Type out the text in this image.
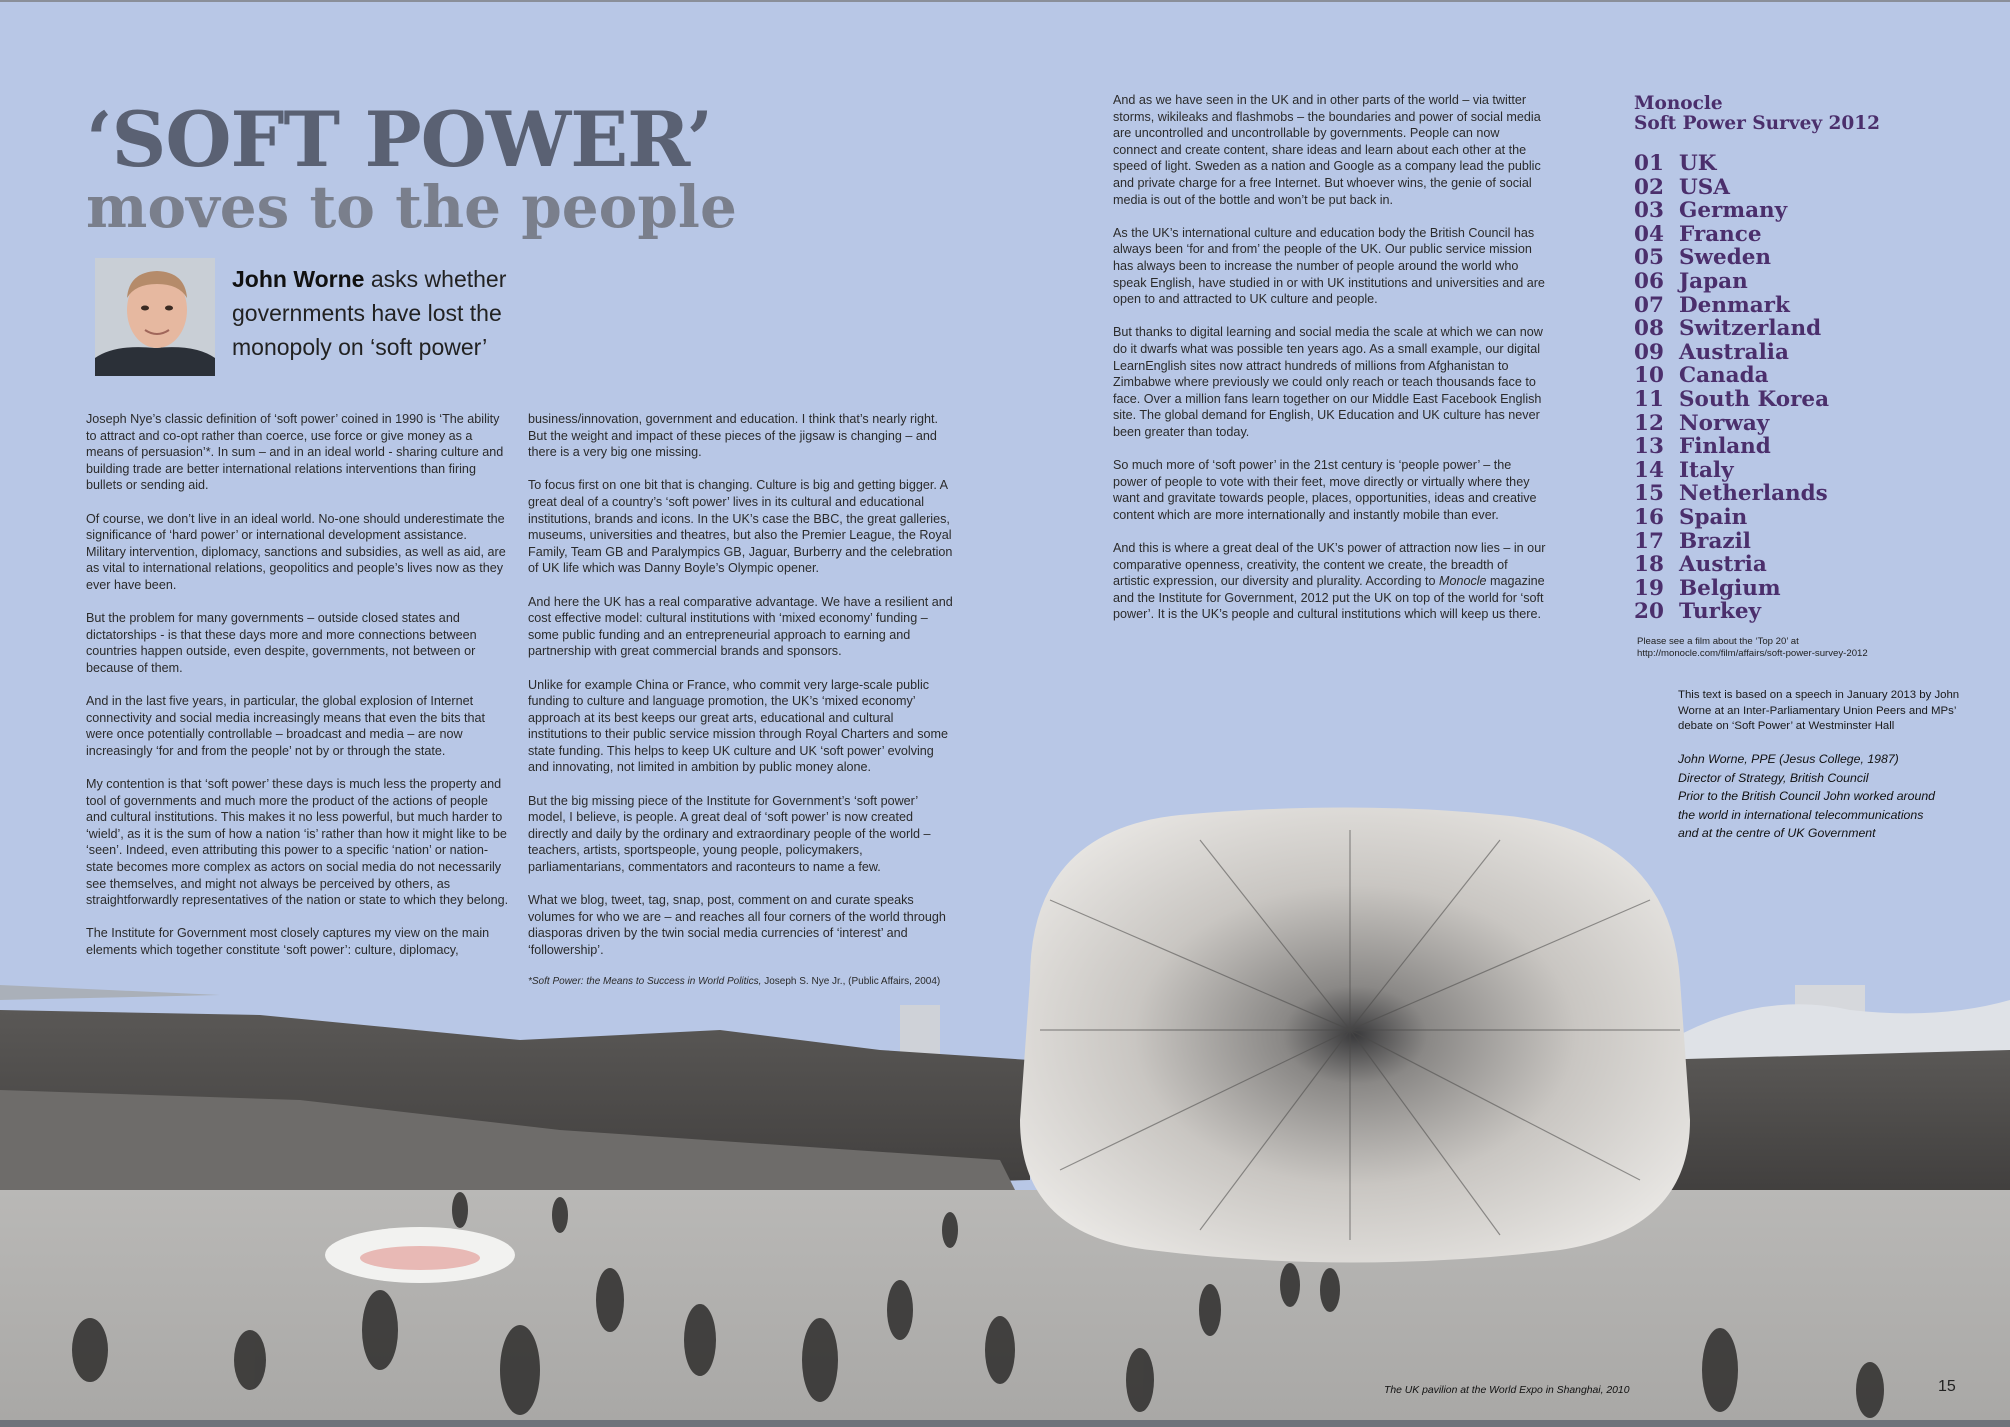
‘SOFT POWER’
moves to the people
John Worne asks whether governments have lost the monopoly on ‘soft power’

Joseph Nye’s classic definition of ‘soft power’ coined in 1990 is ‘The ability to attract and co-opt rather than coerce, use force or give money as a means of persuasion’*. In sum – and in an ideal world - sharing culture and building trade are better international relations interventions than firing bullets or sending aid.

Of course, we don’t live in an ideal world. No-one should underestimate the significance of ‘hard power’ or international development assistance. Military intervention, diplomacy, sanctions and subsidies, as well as aid, are as vital to international relations, geopolitics and people’s lives now as they ever have been.

But the problem for many governments – outside closed states and dictatorships - is that these days more and more connections between countries happen outside, even despite, governments, not between or because of them.

And in the last five years, in particular, the global explosion of Internet connectivity and social media increasingly means that even the bits that were once potentially controllable – broadcast and media – are now increasingly ‘for and from the people’ not by or through the state.

My contention is that ‘soft power’ these days is much less the property and tool of governments and much more the product of the actions of people and cultural institutions. This makes it no less powerful, but much harder to ‘wield’, as it is the sum of how a nation ‘is’ rather than how it might like to be ‘seen’. Indeed, even attributing this power to a specific ‘nation’ or nation-state becomes more complex as actors on social media do not necessarily see themselves, and might not always be perceived by others, as straightforwardly representatives of the nation or state to which they belong.

The Institute for Government most closely captures my view on the main elements which together constitute ‘soft power’: culture, diplomacy,

business/innovation, government and education. I think that’s nearly right. But the weight and impact of these pieces of the jigsaw is changing – and there is a very big one missing.

To focus first on one bit that is changing. Culture is big and getting bigger. A great deal of a country’s ‘soft power’ lives in its cultural and educational institutions, brands and icons. In the UK’s case the BBC, the great galleries, museums, universities and theatres, but also the Premier League, the Royal Family, Team GB and Paralympics GB, Jaguar, Burberry and the celebration of UK life which was Danny Boyle’s Olympic opener.

And here the UK has a real comparative advantage. We have a resilient and cost effective model: cultural institutions with ‘mixed economy’ funding – some public funding and an entrepreneurial approach to earning and partnership with great commercial brands and sponsors.

Unlike for example China or France, who commit very large-scale public funding to culture and language promotion, the UK’s ‘mixed economy’ approach at its best keeps our great arts, educational and cultural institutions to their public service mission through Royal Charters and some state funding. This helps to keep UK culture and UK ‘soft power’ evolving and innovating, not limited in ambition by public money alone.

But the big missing piece of the Institute for Government’s ‘soft power’ model, I believe, is people. A great deal of ‘soft power’ is now created directly and daily by the ordinary and extraordinary people of the world – teachers, artists, sportspeople, young people, policymakers, parliamentarians, commentators and raconteurs to name a few.

What we blog, tweet, tag, snap, post, comment on and curate speaks volumes for who we are – and reaches all four corners of the world through diasporas driven by the twin social media currencies of ‘interest’ and ‘followership’.

*Soft Power: the Means to Success in World Politics, Joseph S. Nye Jr., (Public Affairs, 2004)

And as we have seen in the UK and in other parts of the world – via twitter storms, wikileaks and flashmobs – the boundaries and power of social media are uncontrolled and uncontrollable by governments. People can now connect and create content, share ideas and learn about each other at the speed of light. Sweden as a nation and Google as a company lead the public and private charge for a free Internet. But whoever wins, the genie of social media is out of the bottle and won’t be put back in.

As the UK’s international culture and education body the British Council has always been ‘for and from’ the people of the UK. Our public service mission has always been to increase the number of people around the world who speak English, have studied in or with UK institutions and universities and are open to and attracted to UK culture and people.

But thanks to digital learning and social media the scale at which we can now do it dwarfs what was possible ten years ago. As a small example, our digital LearnEnglish sites now attract hundreds of millions from Afghanistan to Zimbabwe where previously we could only reach or teach thousands face to face. Over a million fans learn together on our Middle East Facebook English site. The global demand for English, UK Education and UK culture has never been greater than today.

So much more of ‘soft power’ in the 21st century is ‘people power’ – the power of people to vote with their feet, move directly or virtually where they want and gravitate towards people, places, opportunities, ideas and creative content which are more internationally and instantly mobile than ever.

And this is where a great deal of the UK’s power of attraction now lies – in our comparative openness, creativity, the content we create, the breadth of artistic expression, our diversity and plurality. According to Monocle magazine and the Institute for Government, 2012 put the UK on top of the world for ‘soft power’. It is the UK’s people and cultural institutions which will keep us there.

Monocle
Soft Power Survey 2012
01 UK
02 USA
03 Germany
04 France
05 Sweden
06 Japan
07 Denmark
08 Switzerland
09 Australia
10 Canada
11 South Korea
12 Norway
13 Finland
14 Italy
15 Netherlands
16 Spain
17 Brazil
18 Austria
19 Belgium
20 Turkey
Please see a film about the ‘Top 20’ at
http://monocle.com/film/affairs/soft-power-survey-2012
This text is based on a speech in January 2013 by John Worne at an Inter-Parliamentary Union Peers and MPs’ debate on ‘Soft Power’ at Westminster Hall
John Worne, PPE (Jesus College, 1987)
Director of Strategy, British Council
Prior to the British Council John worked around
the world in international telecommunications
and at the centre of UK Government
The UK pavilion at the World Expo in Shanghai, 2010	15
